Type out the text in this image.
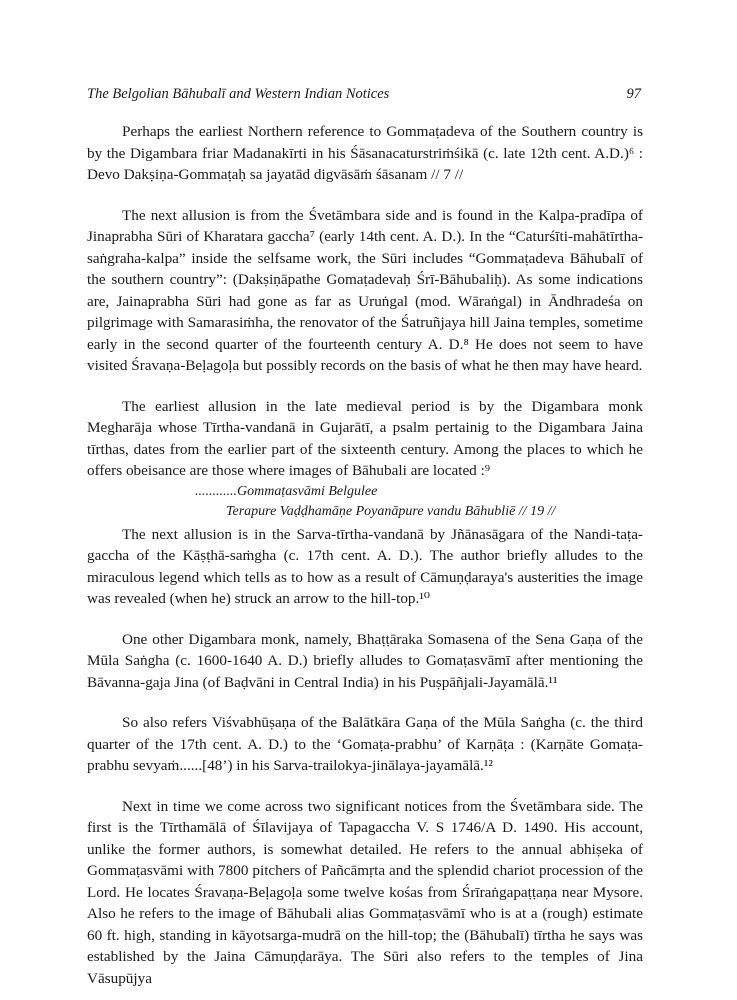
The Belgolian Bāhubalī and Western Indian Notices	97

Perhaps the earliest Northern reference to Gommaṭadeva of the Southern country is by the Digambara friar Madanakīrti in his Śāsanacaturstriṁśikā (c. late 12th cent. A.D.)⁶ : Devo Dakṣiṇa-Gommaṭaḥ sa jayatād digvāsāṁ śāsanam // 7 //

The next allusion is from the Śvetāmbara side and is found in the Kalpa-pradīpa of Jinaprabha Sūri of Kharatara gaccha⁷ (early 14th cent. A. D.). In the “Caturśīti-mahātīrtha-saṅgraha-kalpa” inside the selfsame work, the Sūri includes “Gommaṭadeva Bāhubalī of the southern country”: (Dakṣiṇāpathe Gomaṭadevaḥ Śrī-Bāhubaliḥ). As some indications are, Jainaprabha Sūri had gone as far as Uruṅgal (mod. Wāraṅgal) in Āndhradeśa on pilgrimage with Samarasiṁha, the renovator of the Śatruñjaya hill Jaina temples, sometime early in the second quarter of the fourteenth century A. D.⁸ He does not seem to have visited Śravaṇa-Beḷagoḷa but possibly records on the basis of what he then may have heard.

The earliest allusion in the late medieval period is by the Digambara monk Megharāja whose Tīrtha-vandanā in Gujarātī, a psalm pertainig to the Digambara Jaina tīrthas, dates from the earlier part of the sixteenth century. Among the places to which he offers obeisance are those where images of Bāhubali are located :⁹

............Gommaṭasvāmi Belgulee
Terapure Vaḍḍhamāṇe Poyanāpure vandu Bāhubliē // 19 //

The next allusion is in the Sarva-tīrtha-vandanā by Jñānasāgara of the Nandi-taṭa-gaccha of the Kāṣṭhā-saṁgha (c. 17th cent. A. D.). The author briefly alludes to the miraculous legend which tells as to how as a result of Cāmuṇḍaraya's austerities the image was revealed (when he) struck an arrow to the hill-top.¹⁰

One other Digambara monk, namely, Bhaṭṭāraka Somasena of the Sena Gaṇa of the Mūla Saṅgha (c. 1600-1640 A. D.) briefly alludes to Gomaṭasvāmī after mentioning the Bāvanna-gaja Jina (of Baḍvāni in Central India) in his Puṣpāñjali-Jayamālā.¹¹

So also refers Viśvabhūṣaṇa of the Balātkāra Gaṇa of the Mūla Saṅgha (c. the third quarter of the 17th cent. A. D.) to the ‘Gomaṭa-prabhu’ of Karṇāṭa : (Karṇāte Gomaṭa-prabhu sevyaṁ......[48’) in his Sarva-trailokya-jinālaya-jayamālā.¹²

Next in time we come across two significant notices from the Śvetāmbara side. The first is the Tīrthamālā of Śīlavijaya of Tapagaccha V. S 1746/A D. 1490. His account, unlike the former authors, is somewhat detailed. He refers to the annual abhiṣeka of Gommaṭasvāmi with 7800 pitchers of Pañcāmṛta and the splendid chariot procession of the Lord. He locates Śravaṇa-Beḷagoḷa some twelve kośas from Śrīraṅgapaṭṭaṇa near Mysore. Also he refers to the image of Bāhubali alias Gommaṭasvāmī who is at a (rough) estimate 60 ft. high, standing in kāyotsarga-mudrā on the hill-top; the (Bāhubalī) tīrtha he says was established by the Jaina Cāmuṇḍarāya. The Sūri also refers to the temples of Jina Vāsupūjya
